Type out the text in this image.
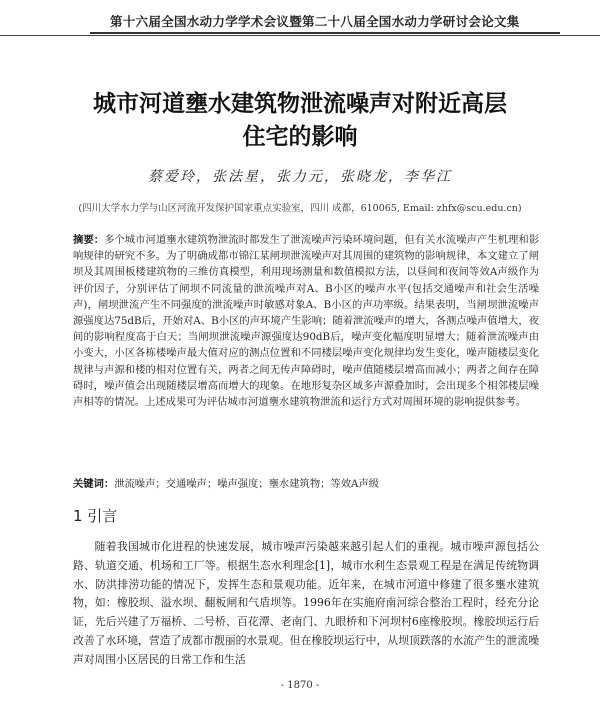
第十六届全国水动力学学术会议暨第二十八届全国水动力学研讨会论文集
城市河道壅水建筑物泄流噪声对附近高层
住宅的影响
蔡爱玲，张法星，张力元，张晓龙，李华江
(四川大学水力学与山区河流开发保护国家重点实验室，四川 成都，610065, Email: zhfx@scu.edu.cn)
摘要：多个城市河道壅水建筑物泄流时都发生了泄流噪声污染环境问题，但有关水流噪声产生机理和影响规律的研究不多。为了明确成都市锦江某闸坝泄流噪声对其周围的建筑物的影响规律，本文建立了闸坝及其周围板楼建筑物的三维仿真模型，利用现场测量和数值模拟方法，以昼间和夜间等效A声级作为评价因子，分别评估了闸坝不同流量的泄流噪声对A、B小区的噪声水平(包括交通噪声和社会生活噪声)，闸坝泄流产生不同强度的泄流噪声时敏感对象A、B小区的声功率级。结果表明，当闸坝泄流噪声源强度达75dB后，开始对A、B小区的声环境产生影响；随着泄流噪声的增大，各测点噪声值增大，夜间的影响程度高于白天；当闸坝泄流噪声源强度达90dB后，噪声变化幅度明显增大；随着泄流噪声由小变大，小区各栋楼噪声最大值对应的测点位置和不同楼层噪声变化规律均发生变化，噪声随楼层变化规律与声源和楼的相对位置有关，两者之间无传声障碍时，噪声值随楼层增高而减小；两者之间存在障碍时，噪声值会出现随楼层增高而增大的现象。在地形复杂区域多声源叠加时，会出现多个相邻楼层噪声相等的情况。上述成果可为评估城市河道壅水建筑物泄流和运行方式对周围环境的影响提供参考。
关键词：泄流噪声；交通噪声；噪声强度；壅水建筑物；等效A声级
1 引言
随着我国城市化进程的快速发展，城市噪声污染越来越引起人们的重视。城市噪声源包括公路、轨道交通、机场和工厂等。根据生态水利理念[1]，城市水利生态景观工程是在满足传统物调水、防洪排涝功能的情况下，发挥生态和景观功能。近年来，在城市河道中修建了很多壅水建筑物，如：橡胶坝、溢水坝、翻板闸和气盾坝等。1996年在实施府南河综合整治工程时，经充分论证，先后兴建了万福桥、二号桥、百花潭、老南门、九眼桥和下河坝村6座橡胶坝。橡胶坝运行后改善了水环境，营造了成都市靓丽的水景观。但在橡胶坝运行中，从坝顶跌落的水流产生的泄流噪声对周围小区居民的日常工作和生活
- 1870 -
